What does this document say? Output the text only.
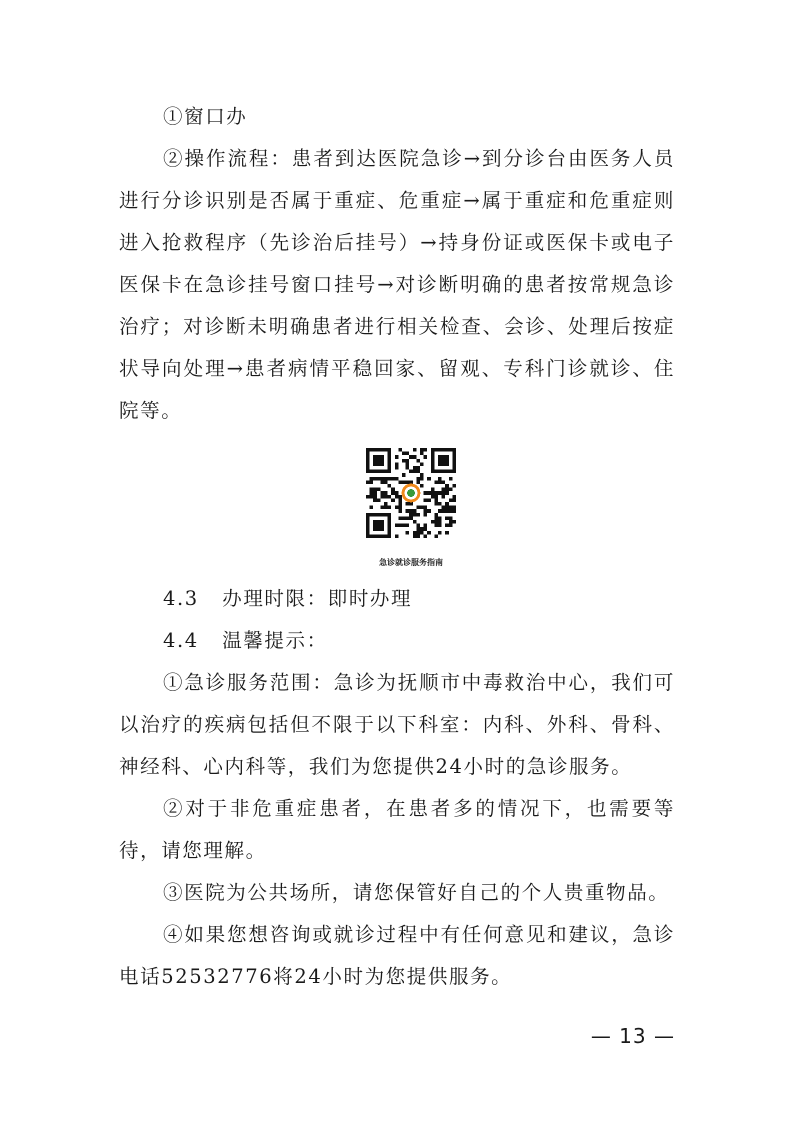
①窗口办

②操作流程：患者到达医院急诊→到分诊台由医务人员进行分诊识别是否属于重症、危重症→属于重症和危重症则进入抢救程序（先诊治后挂号）→持身份证或医保卡或电子医保卡在急诊挂号窗口挂号→对诊断明确的患者按常规急诊治疗；对诊断未明确患者进行相关检查、会诊、处理后按症状导向处理→患者病情平稳回家、留观、专科门诊就诊、住院等。

急诊就诊服务指南

4.3 办理时限：即时办理

4.4 温馨提示：

①急诊服务范围：急诊为抚顺市中毒救治中心，我们可以治疗的疾病包括但不限于以下科室：内科、外科、骨科、神经科、心内科等，我们为您提供24小时的急诊服务。

②对于非危重症患者，在患者多的情况下，也需要等待，请您理解。

③医院为公共场所，请您保管好自己的个人贵重物品。

④如果您想咨询或就诊过程中有任何意见和建议，急诊电话52532776将24小时为您提供服务。

— 13 —
